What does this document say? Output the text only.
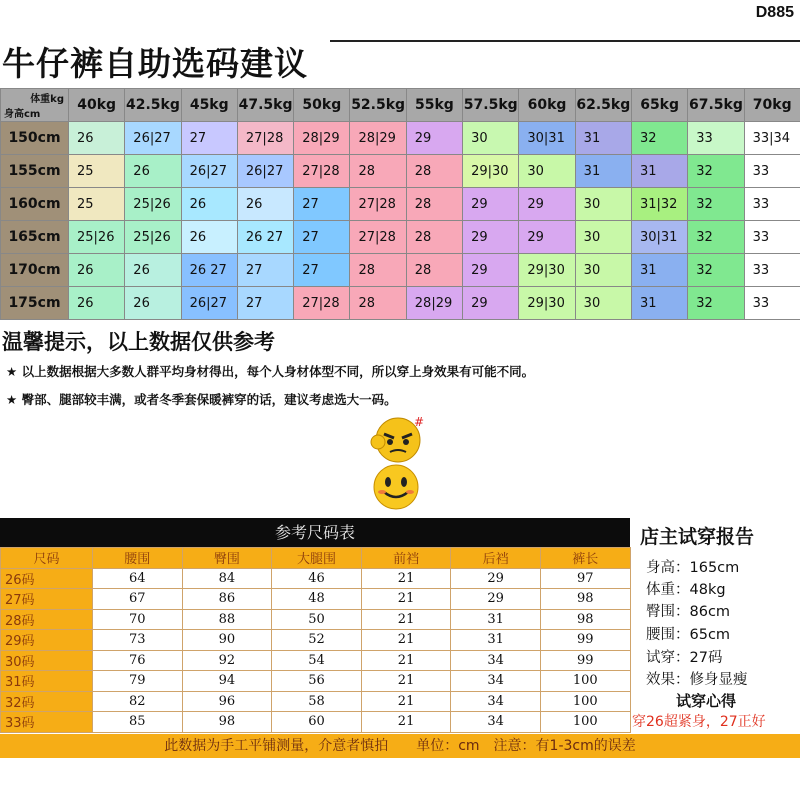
D885
牛仔裤自助选码建议
体重kg
身高cm	40kg	42.5kg	45kg	47.5kg	50kg	52.5kg	55kg	57.5kg	60kg	62.5kg	65kg	67.5kg	70kg
150cm	26	26|27	27	27|28	28|29	28|29	29	30	30|31	31	32	33	33|34
155cm	25	26	26|27	26|27	27|28	28	28	29|30	30	31	31	32	33
160cm	25	25|26	26	26	27	27|28	28	29	29	30	31|32	32	33
165cm	25|26	25|26	26	26 27	27	27|28	28	29	29	30	30|31	32	33
170cm	26	26	26 27	27	27	28	28	29	29|30	30	31	32	33
175cm	26	26	26|27	27	27|28	28	28|29	29	29|30	30	31	32	33
温馨提示，以上数据仅供参考
★ 以上数据根据大多数人群平均身材得出，每个人身材体型不同，所以穿上身效果有可能不同。
★ 臀部、腿部较丰满，或者冬季套保暖裤穿的话，建议考虑选大一码。
#
参考尺码表
尺码	腰围	臀围	大腿围	前裆	后裆	裤长
26码	64	84	46	21	29	97
27码	67	86	48	21	29	98
28码	70	88	50	21	31	98
29码	73	90	52	21	31	99
30码	76	92	54	21	34	99
31码	79	94	56	21	34	100
32码	82	96	58	21	34	100
33码	85	98	60	21	34	100
此数据为手工平铺测量，介意者慎拍　　单位：cm　注意：有1-3cm的误差
店主试穿报告
身高：165cm
体重：48kg
臀围：86cm
腰围：65cm
试穿：27码
效果：修身显瘦
试穿心得
穿26超紧身，27正好
